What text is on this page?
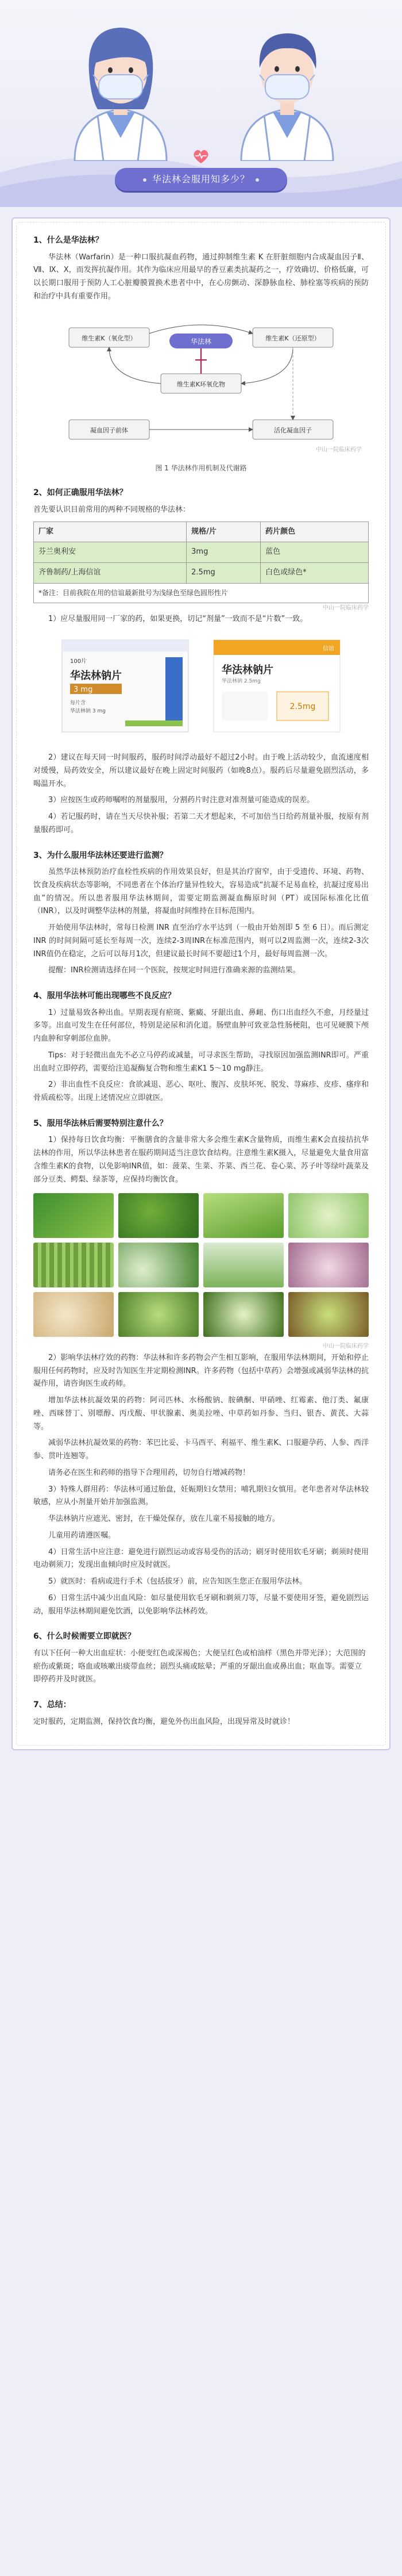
华法林会服用知多少？
1、什么是华法林？

华法林（Warfarin）是一种口服抗凝血药物，通过抑制维生素 K 在肝脏细胞内合成凝血因子Ⅱ、Ⅶ、Ⅸ、Ⅹ，而发挥抗凝作用。其作为临床应用最早的香豆素类抗凝药之一，疗效确切、价格低廉，可以长期口服用于预防人工心脏瓣膜置换术患者中中，在心房颤动、深静脉血栓、肺栓塞等疾病的预防和治疗中具有重要作用。

维生素K（氧化型）	维生素K（还原型）
维生素K环氧化物
凝血因子前体	活化凝血因子
华法林
中山一院临床药学
图 1 华法林作用机制及代谢路
2、如何正确服用华法林？

首先要认识目前常用的两种不同规格的华法林：

厂家	规格/片	药片颜色
芬兰奥利安	3mg	蓝色
齐鲁制药/上海信谊	2.5mg	白色或绿色*
*备注：目前我院在用的信谊最新批号为浅绿色至绿色圆形性片		
中山一院临床药学

1）应尽量服用同一厂家的药，如果更换，切记“剂量”一致而不是“片数”一致。

100片
华法林钠片
3 mg
每片含
华法林钠 3 mg
信谊
华法林钠片
华法林钠 2.5mg
2.5mg

2）建议在每天同一时间服药，服药时间浮动最好不超过2小时。由于晚上活动较少，血流速度相对缓慢，局药效安全，所以建议最好在晚上固定时间服药（如晚8点）。服药后尽量避免剧烈活动，多喝温开水。

3）应按医生或药师嘱咐的剂量服用，分割药片时注意对准剂量可能造成的误差。

4）若记服药时，请在当天尽快补服；若第二天才想起来，不可加倍当日给药剂量补服，按原有剂量服药即可。

3、为什么服用华法林还要进行监测？

虽然华法林预防治疗血栓性疾病的作用效果良好，但是其治疗窗窄，由于受遗传、环境、药物、饮食及疾病状态等影响，不同患者在个体治疗量异性较大，容易造成“抗凝不足易血栓，抗凝过度易出血”的情况。所以患者服用华法林期间，需要定期监测凝血酶原时间（PT）或国际标准化比值（INR），以及时调整华法林的剂量，将凝血时间维持在目标范围内。

开始使用华法林时，常每日检测 INR 直至治疗水平达到（一般由开始剂即 5 至 6 日）。而后测定 INR 的时间间隔可延长至每周一次，连续2-3周INR在标准范围内，则可以2周监测一次，连续2-3次INR值仍在稳定，之后可以每月1次，但建议最长时间不要超过1个月，最好每周监测一次。

提醒：INR检测请选择在同一个医院，按规定时间进行准确来源的监测结果。

4、服用华法林可能出现哪些不良反应？

1）过量易致各种出血。早期表现有瘀斑、紫癜、牙龈出血、鼻衄、伤口出血经久不愈，月经量过多等。出血可发生在任何部位，特别是泌尿和消化道。肠壁血肿可致亚急性肠梗阻，也可见硬膜下颅内血肿和穿刺部位血肿。

Tips：对于轻微出血先不必立马停药或减量，可寻求医生帮助，寻找原因加强监测INR即可。严重出血时立即停药，需要给注追凝酶复合物和维生素K1 5～10 mg静注。

2）非出血性不良反应：食欲减退、恶心、呕吐、腹泻、皮肤坏死、脱发、荨麻疹、皮疹、瘙痒和骨质疏松等。出现上述情况应立即就医。

5、服用华法林后需要特别注意什么？

1）保持每日饮食均衡：平衡膳食的含量非常大多会维生素K含量物质，而维生素K会直接拮抗华法林的作用，所以华法林患者在服药期间适当注意饮食结构。注意维生素K摄入，尽量避免大量食用富含维生素K的食物，以免影响INR值，如：菠菜、生菜、芥菜、西兰花、卷心菜、苏子叶等绿叶蔬菜及部分豆类、鳄梨、绿茶等，应保持均衡饮食。

中山一院临床药学

2）影响华法林疗效的药物：华法林和许多药物会产生相互影响，在服用华法林期间，开始和停止服用任何药物时，应及时告知医生并定期检测INR。许多药物（包括中草药）会增强或减弱华法林的抗凝作用，请咨询医生或药师。

增加华法林抗凝效果的药物：阿司匹林、水杨酸钠、胺碘酮、甲硝唑、红霉素、他汀类、氟康唑、西咪替丁、别嘌醇、丙戊酸、甲状腺素、奥美拉唑、中草药如丹参、当归、银杏、黄芪、大蒜等。

减弱华法林抗凝效果的药物：苯巴比妥、卡马西平、利福平、维生素K、口服避孕药、人参、西洋参、贯叶连翘等。

请务必在医生和药师的指导下合理用药，切勿自行增减药物！

3）特殊人群用药：华法林可通过胎盘，妊娠期妇女禁用；哺乳期妇女慎用。老年患者对华法林较敏感，应从小剂量开始并加强监测。

华法林钠片应遮光、密封，在干燥处保存，放在儿童不易接触的地方。

儿童用药请遵医嘱。

4）日常生活中应注意：避免进行剧烈运动或容易受伤的活动；刷牙时使用软毛牙刷；剃须时使用电动剃须刀；发现出血倾向时应及时就医。

5）就医时：看病或进行手术（包括拔牙）前，应告知医生您正在服用华法林。

6）日常生活中减少出血风险：如尽量使用软毛牙刷和剃须刀等，尽量不要使用牙签，避免剧烈运动，服用华法林期间避免饮酒，以免影响华法林药效。

6、什么时候需要立即就医？

有以下任何一种大出血症状：小便变红色或深褐色；大便呈红色或柏油样（黑色并带光泽）；大范围的瘀伤或紫斑；咯血或咳嗽出痰带血丝；剧烈头痛或眩晕；严重的牙龈出血或鼻出血；呕血等。需要立即停药并及时就医。

7、总结：

定时服药，定期监测，保持饮食均衡，避免外伤出血风险，出现异常及时就诊！
